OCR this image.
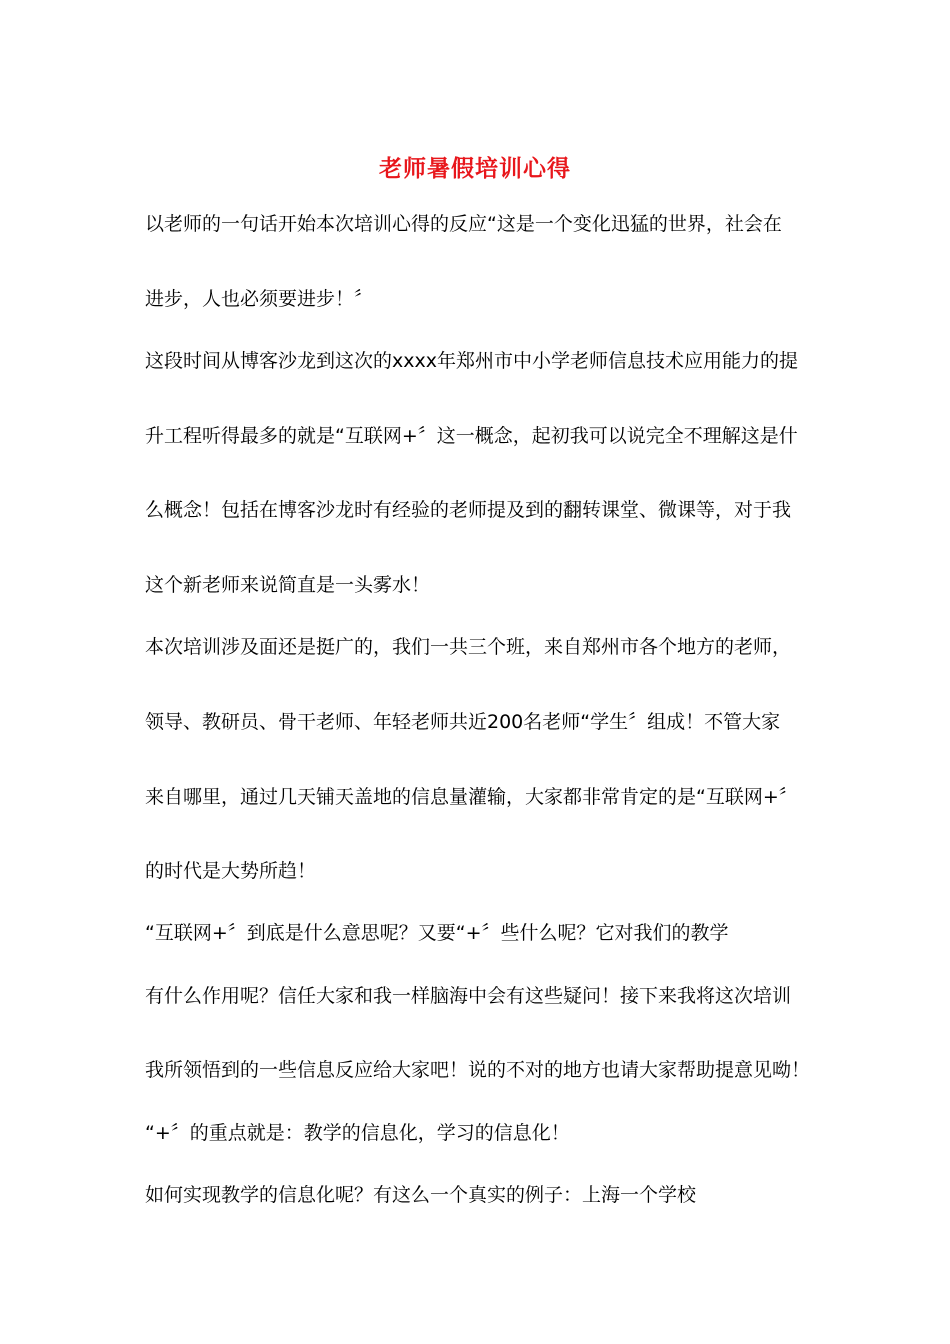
老师暑假培训心得
以老师的一句话开始本次培训心得的反应“这是一个变化迅猛的世界，社会在
进步，人也必须要进步！〞
这段时间从博客沙龙到这次的xxxx年郑州市中小学老师信息技术应用能力的提
升工程听得最多的就是“互联网+〞这一概念，起初我可以说完全不理解这是什
么概念！包括在博客沙龙时有经验的老师提及到的翻转课堂、微课等，对于我
这个新老师来说简直是一头雾水！
本次培训涉及面还是挺广的，我们一共三个班，来自郑州市各个地方的老师，
领导、教研员、骨干老师、年轻老师共近200名老师“学生〞组成！不管大家
来自哪里，通过几天铺天盖地的信息量灌输，大家都非常肯定的是“互联网+〞
的时代是大势所趋！
“互联网+〞到底是什么意思呢？又要“+〞些什么呢？它对我们的教学
有什么作用呢？信任大家和我一样脑海中会有这些疑问！接下来我将这次培训
我所领悟到的一些信息反应给大家吧！说的不对的地方也请大家帮助提意见呦！
“+〞的重点就是：教学的信息化，学习的信息化！
如何实现教学的信息化呢？有这么一个真实的例子：上海一个学校
